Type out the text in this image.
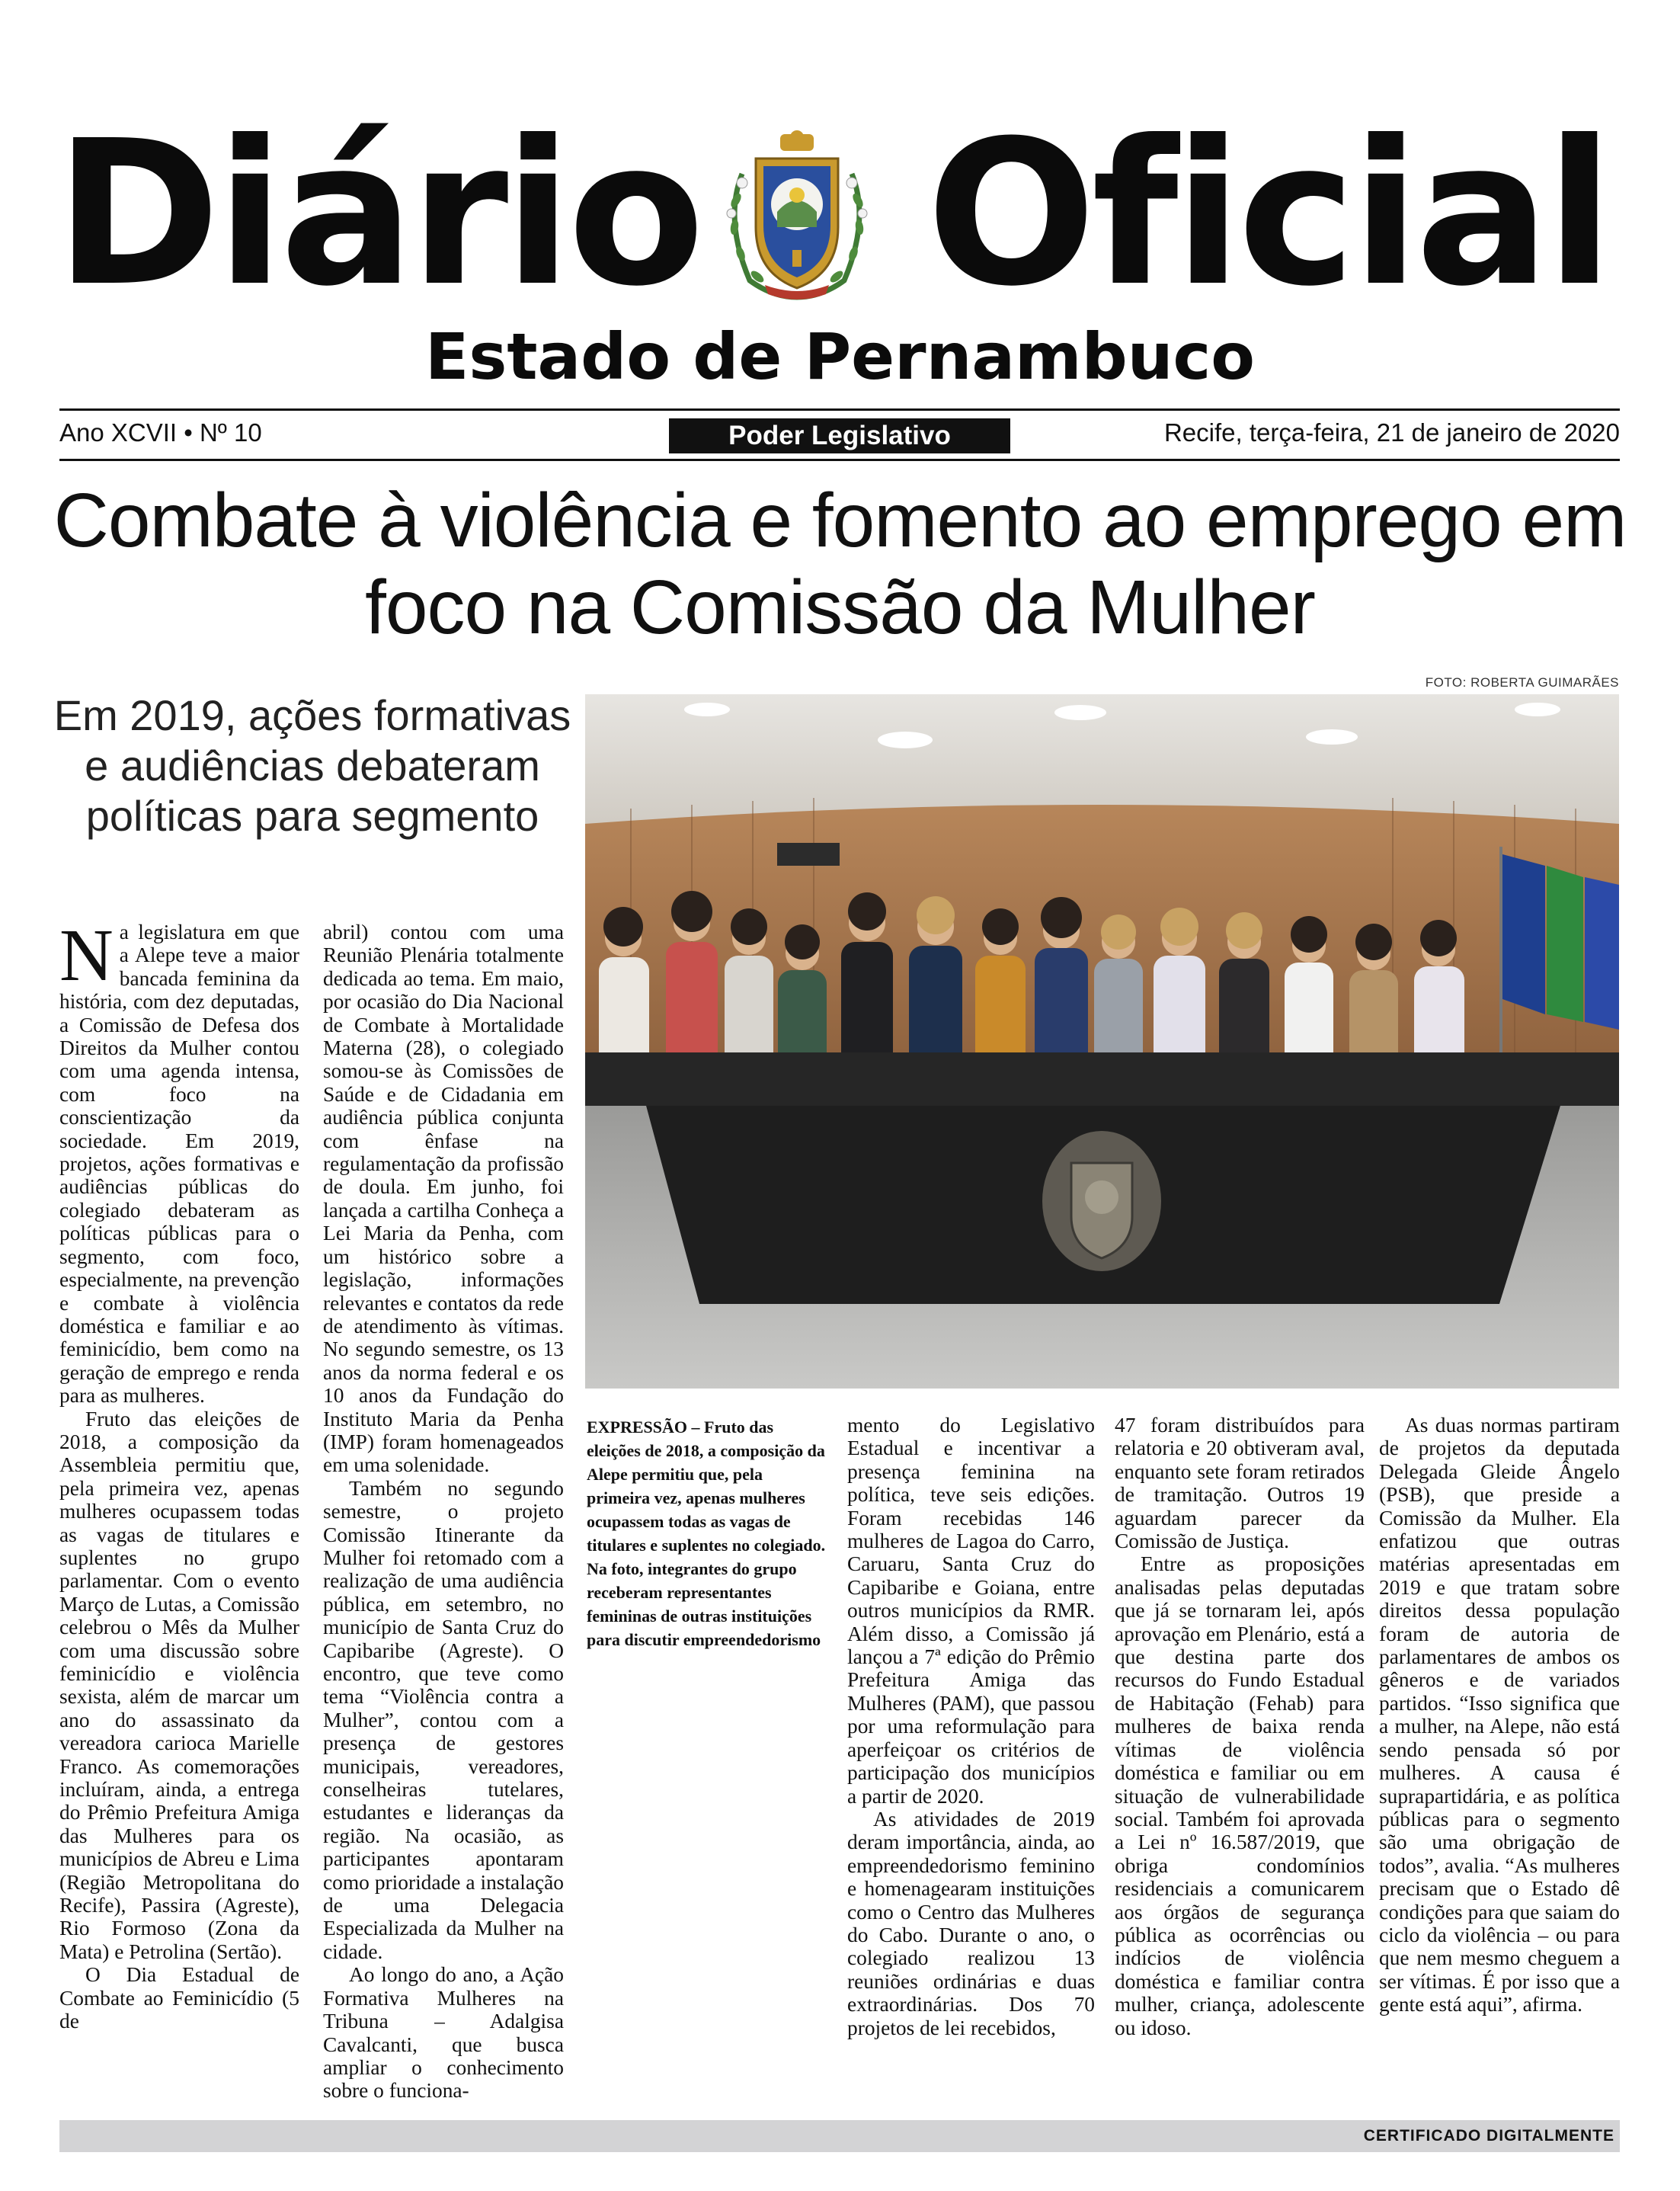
Diário Oficial
Estado de Pernambuco
Ano XCVII • Nº 10	Poder Legislativo	Recife, terça-feira, 21 de janeiro de 2020
Combate à violência e fomento ao emprego em foco na Comissão da Mulher
Em 2019, ações formativas e audiências debateram políticas para segmento
FOTO: ROBERTA GUIMARÃES

Na legislatura em que a Alepe teve a maior bancada feminina da história, com dez deputadas, a Comissão de Defesa dos Direitos da Mulher contou com uma agenda intensa, com foco na conscientização da sociedade. Em 2019, projetos, ações formativas e audiências públicas do colegiado debateram as políticas públicas para o segmento, com foco, especialmente, na prevenção e combate à violência doméstica e familiar e ao feminicídio, bem como na geração de emprego e renda para as mulheres.

Fruto das eleições de 2018, a composição da Assembleia permitiu que, pela primeira vez, apenas mulheres ocupassem todas as vagas de titulares e suplentes no grupo parlamentar. Com o evento Março de Lutas, a Comissão celebrou o Mês da Mulher com uma discussão sobre feminicídio e violência sexista, além de marcar um ano do assassinato da vereadora carioca Marielle Franco. As comemorações incluíram, ainda, a entrega do Prêmio Prefeitura Amiga das Mulheres para os municípios de Abreu e Lima (Região Metropolitana do Recife), Passira (Agreste), Rio Formoso (Zona da Mata) e Petrolina (Sertão).

O Dia Estadual de Combate ao Feminicídio (5 de

abril) contou com uma Reunião Plenária totalmente dedicada ao tema. Em maio, por ocasião do Dia Nacional de Combate à Mortalidade Materna (28), o colegiado somou-se às Comissões de Saúde e de Cidadania em audiência pública conjunta com ênfase na regulamentação da profissão de doula. Em junho, foi lançada a cartilha Conheça a Lei Maria da Penha, com um histórico sobre a legislação, informações relevantes e contatos da rede de atendimento às vítimas. No segundo semestre, os 13 anos da norma federal e os 10 anos da Fundação do Instituto Maria da Penha (IMP) foram homenageados em uma solenidade.

Também no segundo semestre, o projeto Comissão Itinerante da Mulher foi retomado com a realização de uma audiência pública, em setembro, no município de Santa Cruz do Capibaribe (Agreste). O encontro, que teve como tema “Violência contra a Mulher”, contou com a presença de gestores municipais, vereadores, conselheiras tutelares, estudantes e lideranças da região. Na ocasião, as participantes apontaram como prioridade a instalação de uma Delegacia Especializada da Mulher na cidade.

Ao longo do ano, a Ação Formativa Mulheres na Tribuna – Adalgisa Cavalcanti, que busca ampliar o conhecimento sobre o funciona-

EXPRESSÃO – Fruto das eleições de 2018, a composição da Alepe permitiu que, pela primeira vez, apenas mulheres ocupassem todas as vagas de titulares e suplentes no colegiado. Na foto, integrantes do grupo receberam representantes femininas de outras instituições para discutir empreendedorismo

mento do Legislativo Estadual e incentivar a presença feminina na política, teve seis edições. Foram recebidas 146 mulheres de Lagoa do Carro, Caruaru, Santa Cruz do Capibaribe e Goiana, entre outros municípios da RMR. Além disso, a Comissão já lançou a 7ª edição do Prêmio Prefeitura Amiga das Mulheres (PAM), que passou por uma reformulação para aperfeiçoar os critérios de participação dos municípios a partir de 2020.

As atividades de 2019 deram importância, ainda, ao empreendedorismo feminino e homenagearam instituições como o Centro das Mulheres do Cabo. Durante o ano, o colegiado realizou 13 reuniões ordinárias e duas extraordinárias. Dos 70 projetos de lei recebidos,

47 foram distribuídos para relatoria e 20 obtiveram aval, enquanto sete foram retirados de tramitação. Outros 19 aguardam parecer da Comissão de Justiça.

Entre as proposições analisadas pelas deputadas que já se tornaram lei, após aprovação em Plenário, está a que destina parte dos recursos do Fundo Estadual de Habitação (Fehab) para mulheres de baixa renda vítimas de violência doméstica e familiar ou em situação de vulnerabilidade social. Também foi aprovada a Lei nº 16.587/2019, que obriga condomínios residenciais a comunicarem aos órgãos de segurança pública as ocorrências ou indícios de violência doméstica e familiar contra mulher, criança, adolescente ou idoso.

As duas normas partiram de projetos da deputada Delegada Gleide Ângelo (PSB), que preside a Comissão da Mulher. Ela enfatizou que outras matérias apresentadas em 2019 e que tratam sobre direitos dessa população foram de autoria de parlamentares de ambos os gêneros e de variados partidos. “Isso significa que a mulher, na Alepe, não está sendo pensada só por mulheres. A causa é suprapartidária, e as política públicas para o segmento são uma obrigação de todos”, avalia. “As mulheres precisam que o Estado dê condições para que saiam do ciclo da violência – ou para que nem mesmo cheguem a ser vítimas. É por isso que a gente está aqui”, afirma.

CERTIFICADO DIGITALMENTE
